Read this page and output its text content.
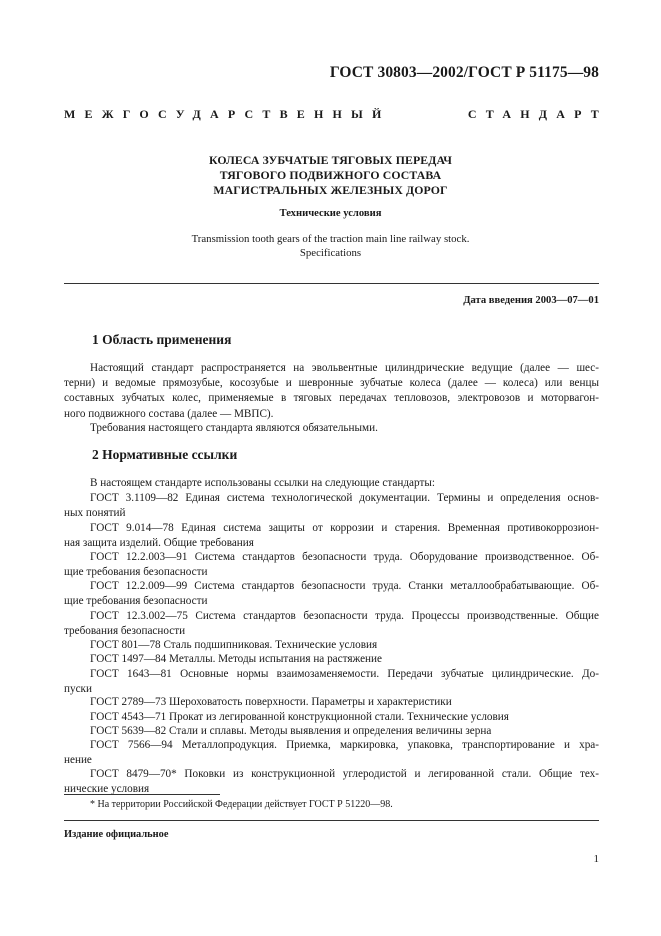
ГОСТ 30803—2002/ГОСТ Р 51175—98
МЕЖГОСУДАРСТВЕННЫЙ	СТАНДАРТ
КОЛЕСА ЗУБЧАТЫЕ ТЯГОВЫХ ПЕРЕДАЧ
ТЯГОВОГО ПОДВИЖНОГО СОСТАВА
МАГИСТРАЛЬНЫХ ЖЕЛЕЗНЫХ ДОРОГ
Технические условия
Transmission tooth gears of the traction main line railway stock.
Specifications
Дата введения 2003—07—01
1 Область применения
Настоящий стандарт распространяется на эвольвентные цилиндрические ведущие (далее — шес-
терни) и ведомые прямозубые, косозубые и шевронные зубчатые колеса (далее — колеса) или венцы
составных зубчатых колес, применяемые в тяговых передачах тепловозов, электровозов и моторвагон-
ного подвижного состава (далее — МВПС).
Требования настоящего стандарта являются обязательными.
2 Нормативные ссылки
В настоящем стандарте использованы ссылки на следующие стандарты:
ГОСТ 3.1109—82 Единая система технологической документации. Термины и определения основ-
ных понятий
ГОСТ 9.014—78 Единая система защиты от коррозии и старения. Временная противокоррозион-
ная защита изделий. Общие требования
ГОСТ 12.2.003—91 Система стандартов безопасности труда. Оборудование производственное. Об-
щие требования безопасности
ГОСТ 12.2.009—99 Система стандартов безопасности труда. Станки металлообрабатывающие. Об-
щие требования безопасности
ГОСТ 12.3.002—75 Система стандартов безопасности труда. Процессы производственные. Общие
требования безопасности
ГОСТ 801—78 Сталь подшипниковая. Технические условия
ГОСТ 1497—84 Металлы. Методы испытания на растяжение
ГОСТ 1643—81 Основные нормы взаимозаменяемости. Передачи зубчатые цилиндрические. До-
пуски
ГОСТ 2789—73 Шероховатость поверхности. Параметры и характеристики
ГОСТ 4543—71 Прокат из легированной конструкционной стали. Технические условия
ГОСТ 5639—82 Стали и сплавы. Методы выявления и определения величины зерна
ГОСТ 7566—94 Металлопродукция. Приемка, маркировка, упаковка, транспортирование и хра-
нение
ГОСТ 8479—70* Поковки из конструкционной углеродистой и легированной стали. Общие тех-
нические условия
* На территории Российской Федерации действует ГОСТ Р 51220—98.
Издание официальное
1
